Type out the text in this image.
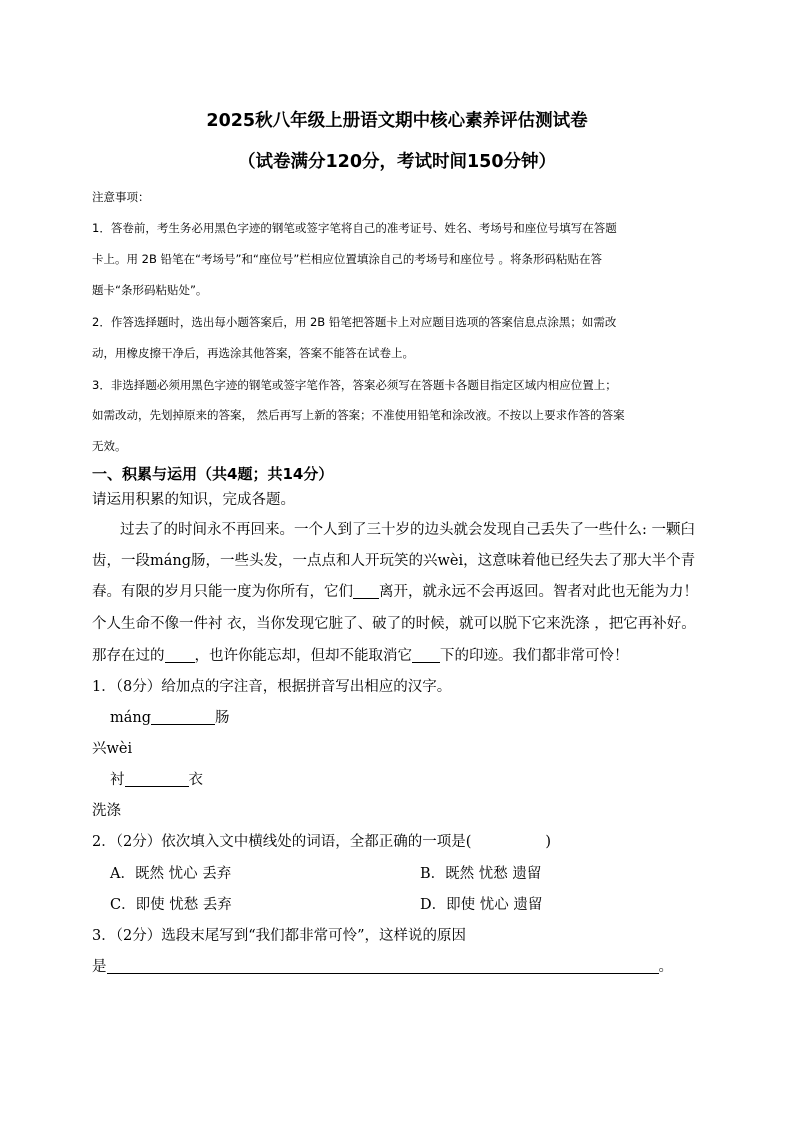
2025秋八年级上册语文期中核心素养评估测试卷
（试卷满分120分，考试时间150分钟）
注意事项：
1．答卷前，考生务必用黑色字迹的钢笔或签字笔将自己的准考证号、姓名、考场号和座位号填写在答题
卡上。用 2B 铅笔在“考场号”和“座位号”栏相应位置填涂自己的考场号和座位号 。将条形码粘贴在答
题卡“条形码粘贴处”。
2．作答选择题时，选出每小题答案后，用 2B 铅笔把答题卡上对应题目选项的答案信息点涂黑；如需改
动，用橡皮擦干净后，再选涂其他答案，答案不能答在试卷上。
3．非选择题必须用黑色字迹的钢笔或签字笔作答，答案必须写在答题卡各题目指定区域内相应位置上；
如需改动，先划掉原来的答案， 然后再写上新的答案；不准使用铅笔和涂改液。不按以上要求作答的答案
无效。
一、积累与运用（共4题；共14分）
请运用积累的知识，完成各题。
过去了的时间永不再回来。一个人到了三十岁的边头就会发现自己丢失了一些什么: 一颗臼
齿，一段máng肠，一些头发，一点点和人开玩笑的兴wèi，这意味着他已经失去了那大半个青
春。有限的岁月只能一度为你所有，它们 离开，就永远不会再返回。智者对此也无能为力！
个人生命不像一件衬 衣，当你发现它脏了、破了的时候，就可以脱下它来洗涤 ，把它再补好。
那存在过的 ，也许你能忘却，但却不能取消它 下的印迹。我们都非常可怜！
1．（8分）给加点的字注音，根据拼音写出相应的汉字。
máng	肠
兴wèi
衬	衣
洗涤
2．（2分）依次填入文中横线处的词语，全都正确的一项是(	)
A．既然 忧心 丢弃	B．既然 忧愁 遗留
C．即使 忧愁 丢弃	D．即使 忧心 遗留
3．（2分）选段末尾写到“我们都非常可怜”，这样说的原因
是	。
